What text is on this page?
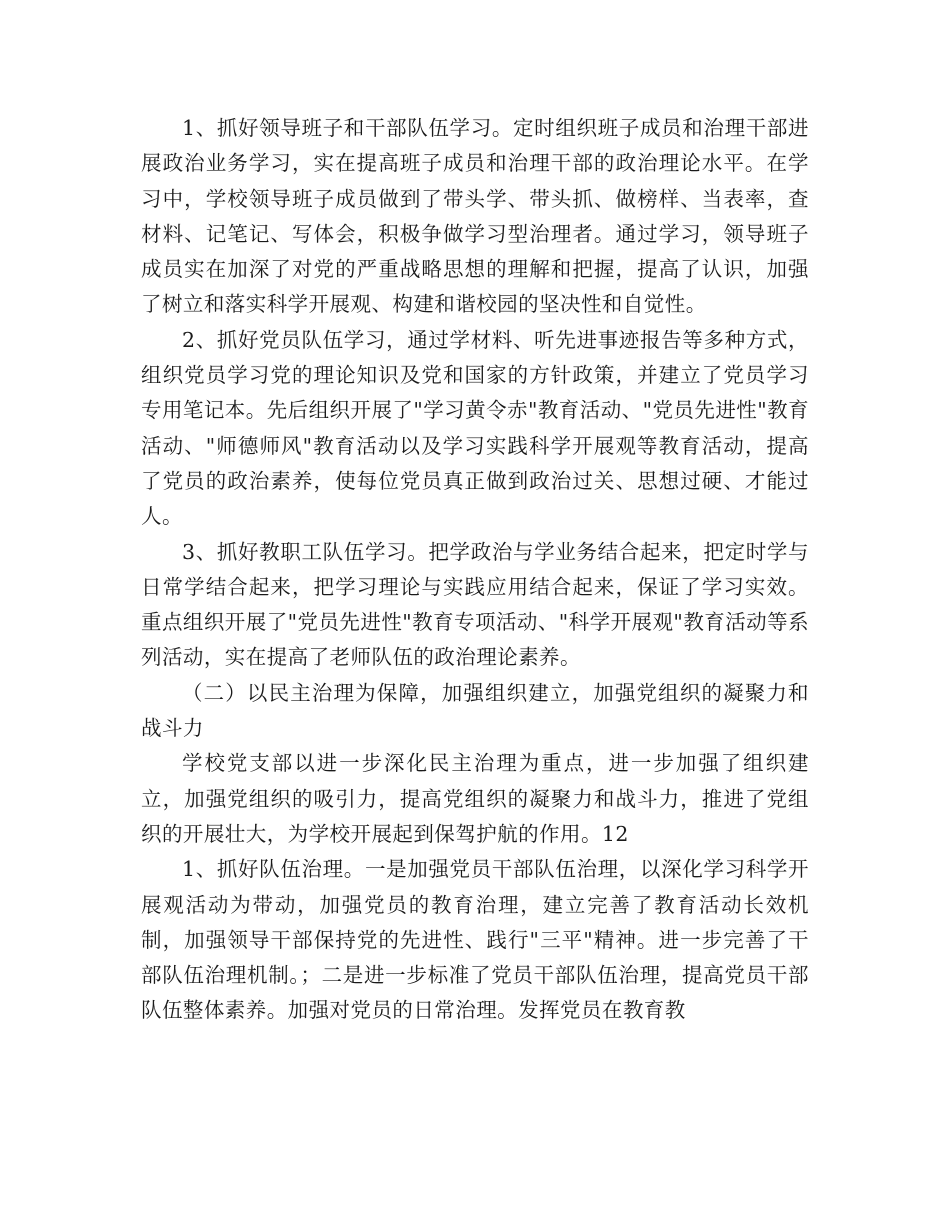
1、抓好领导班子和干部队伍学习。定时组织班子成员和治理干部进展政治业务学习，实在提高班子成员和治理干部的政治理论水平。在学习中，学校领导班子成员做到了带头学、带头抓、做榜样、当表率，查材料、记笔记、写体会，积极争做学习型治理者。通过学习，领导班子成员实在加深了对党的严重战略思想的理解和把握，提高了认识，加强了树立和落实科学开展观、构建和谐校园的坚决性和自觉性。

2、抓好党员队伍学习，通过学材料、听先进事迹报告等多种方式，组织党员学习党的理论知识及党和国家的方针政策，并建立了党员学习专用笔记本。先后组织开展了"学习黄令赤"教育活动、"党员先进性"教育活动、"师德师风"教育活动以及学习实践科学开展观等教育活动，提高了党员的政治素养，使每位党员真正做到政治过关、思想过硬、才能过人。

3、抓好教职工队伍学习。把学政治与学业务结合起来，把定时学与日常学结合起来，把学习理论与实践应用结合起来，保证了学习实效。重点组织开展了"党员先进性"教育专项活动、"科学开展观"教育活动等系列活动，实在提高了老师队伍的政治理论素养。

（二）以民主治理为保障，加强组织建立，加强党组织的凝聚力和战斗力

学校党支部以进一步深化民主治理为重点，进一步加强了组织建立，加强党组织的吸引力，提高党组织的凝聚力和战斗力，推进了党组织的开展壮大，为学校开展起到保驾护航的作用。12

1、抓好队伍治理。一是加强党员干部队伍治理，以深化学习科学开展观活动为带动，加强党员的教育治理，建立完善了教育活动长效机制，加强领导干部保持党的先进性、践行"三平"精神。进一步完善了干部队伍治理机制。；二是进一步标准了党员干部队伍治理，提高党员干部队伍整体素养。加强对党员的日常治理。发挥党员在教育教
